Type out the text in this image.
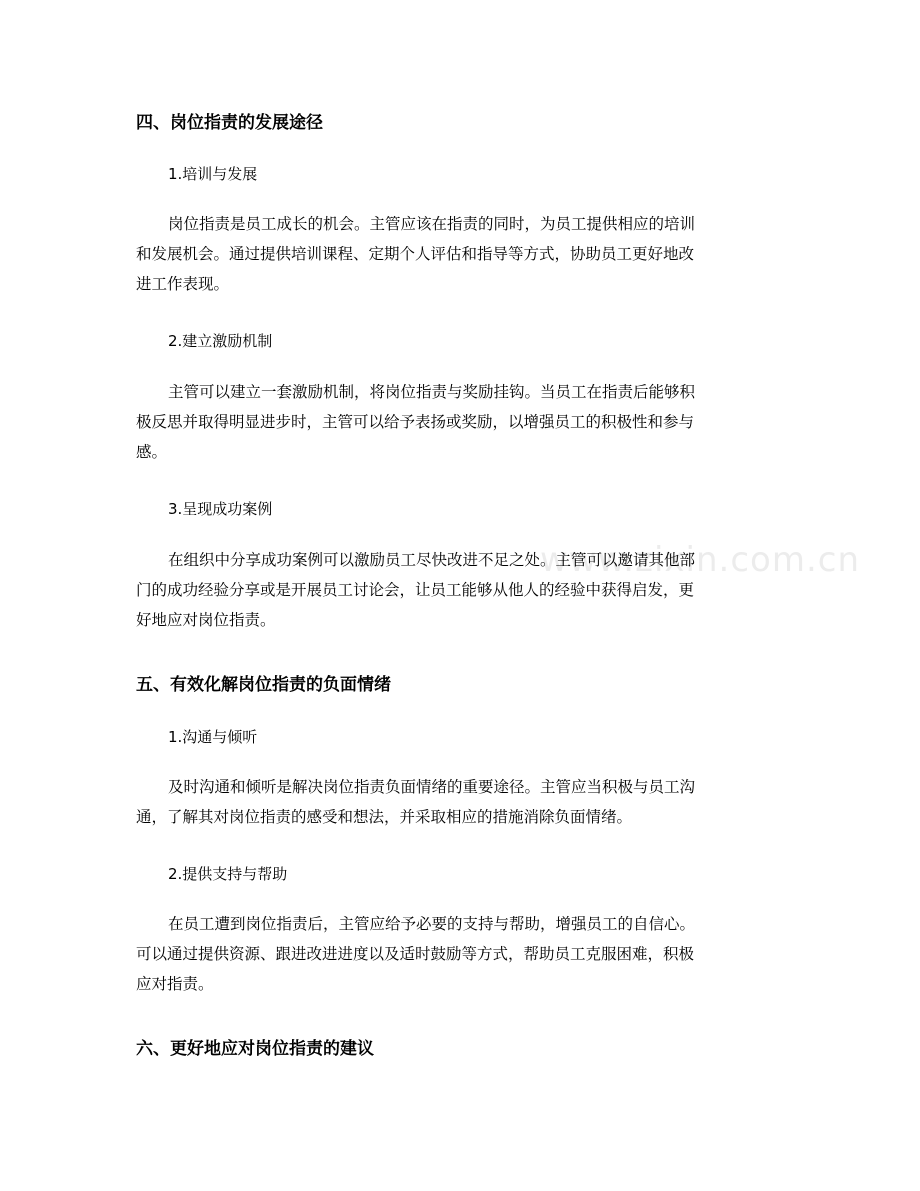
www.zixin.com.cn
四、岗位指责的发展途径
1.培训与发展
岗位指责是员工成长的机会。主管应该在指责的同时，为员工提供相应的培训
和发展机会。通过提供培训课程、定期个人评估和指导等方式，协助员工更好地改
进工作表现。
2.建立激励机制
主管可以建立一套激励机制，将岗位指责与奖励挂钩。当员工在指责后能够积
极反思并取得明显进步时，主管可以给予表扬或奖励，以增强员工的积极性和参与
感。
3.呈现成功案例
在组织中分享成功案例可以激励员工尽快改进不足之处。主管可以邀请其他部
门的成功经验分享或是开展员工讨论会，让员工能够从他人的经验中获得启发，更
好地应对岗位指责。
五、有效化解岗位指责的负面情绪
1.沟通与倾听
及时沟通和倾听是解决岗位指责负面情绪的重要途径。主管应当积极与员工沟
通，了解其对岗位指责的感受和想法，并采取相应的措施消除负面情绪。
2.提供支持与帮助
在员工遭到岗位指责后，主管应给予必要的支持与帮助，增强员工的自信心。
可以通过提供资源、跟进改进进度以及适时鼓励等方式，帮助员工克服困难，积极
应对指责。
六、更好地应对岗位指责的建议
